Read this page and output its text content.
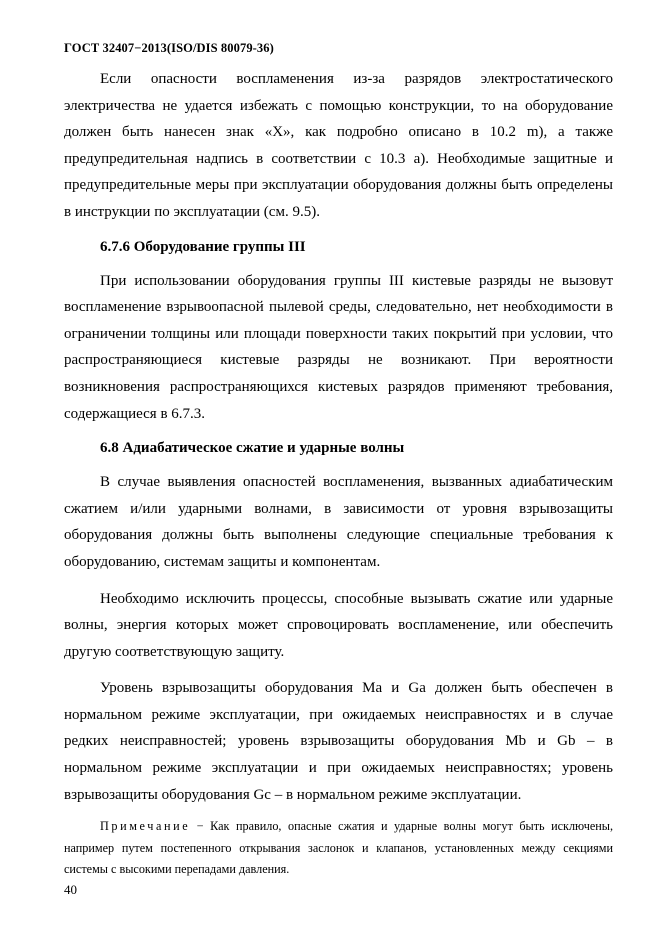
ГОСТ 32407−2013(ISO/DIS 80079-36)

Если опасности воспламенения из-за разрядов электростатического электричества не удается избежать с помощью конструкции, то на оборудование должен быть нанесен знак «X», как подробно описано в 10.2 m), а также предупредительная надпись в соответствии с 10.3 a). Необходимые защитные и предупредительные меры при эксплуатации оборудования должны быть определены в инструкции по эксплуатации (см. 9.5).

6.7.6 Оборудование группы III

При использовании оборудования группы III кистевые разряды не вызовут воспламенение взрывоопасной пылевой среды, следовательно, нет необходимости в ограничении толщины или площади поверхности таких покрытий при условии, что распространяющиеся кистевые разряды не возникают. При вероятности возникновения распространяющихся кистевых разрядов применяют требования, содержащиеся в 6.7.3.

6.8 Адиабатическое сжатие и ударные волны

В случае выявления опасностей воспламенения, вызванных адиабатическим сжатием и/или ударными волнами, в зависимости от уровня взрывозащиты оборудования должны быть выполнены следующие специальные требования к оборудованию, системам защиты и компонентам.

Необходимо исключить процессы, способные вызывать сжатие или ударные волны, энергия которых может спровоцировать воспламенение, или обеспечить другую соответствующую защиту.

Уровень взрывозащиты оборудования Ma и Ga должен быть обеспечен в нормальном режиме эксплуатации, при ожидаемых неисправностях и в случае редких неисправностей; уровень взрывозащиты оборудования Mb и Gb ‒ в нормальном режиме эксплуатации и при ожидаемых неисправностях; уровень взрывозащиты оборудования Gc ‒ в нормальном режиме эксплуатации.

Примечание − Как правило, опасные сжатия и ударные волны могут быть исключены, например путем постепенного открывания заслонок и клапанов, установленных между секциями системы с высокими перепадами давления.
40
